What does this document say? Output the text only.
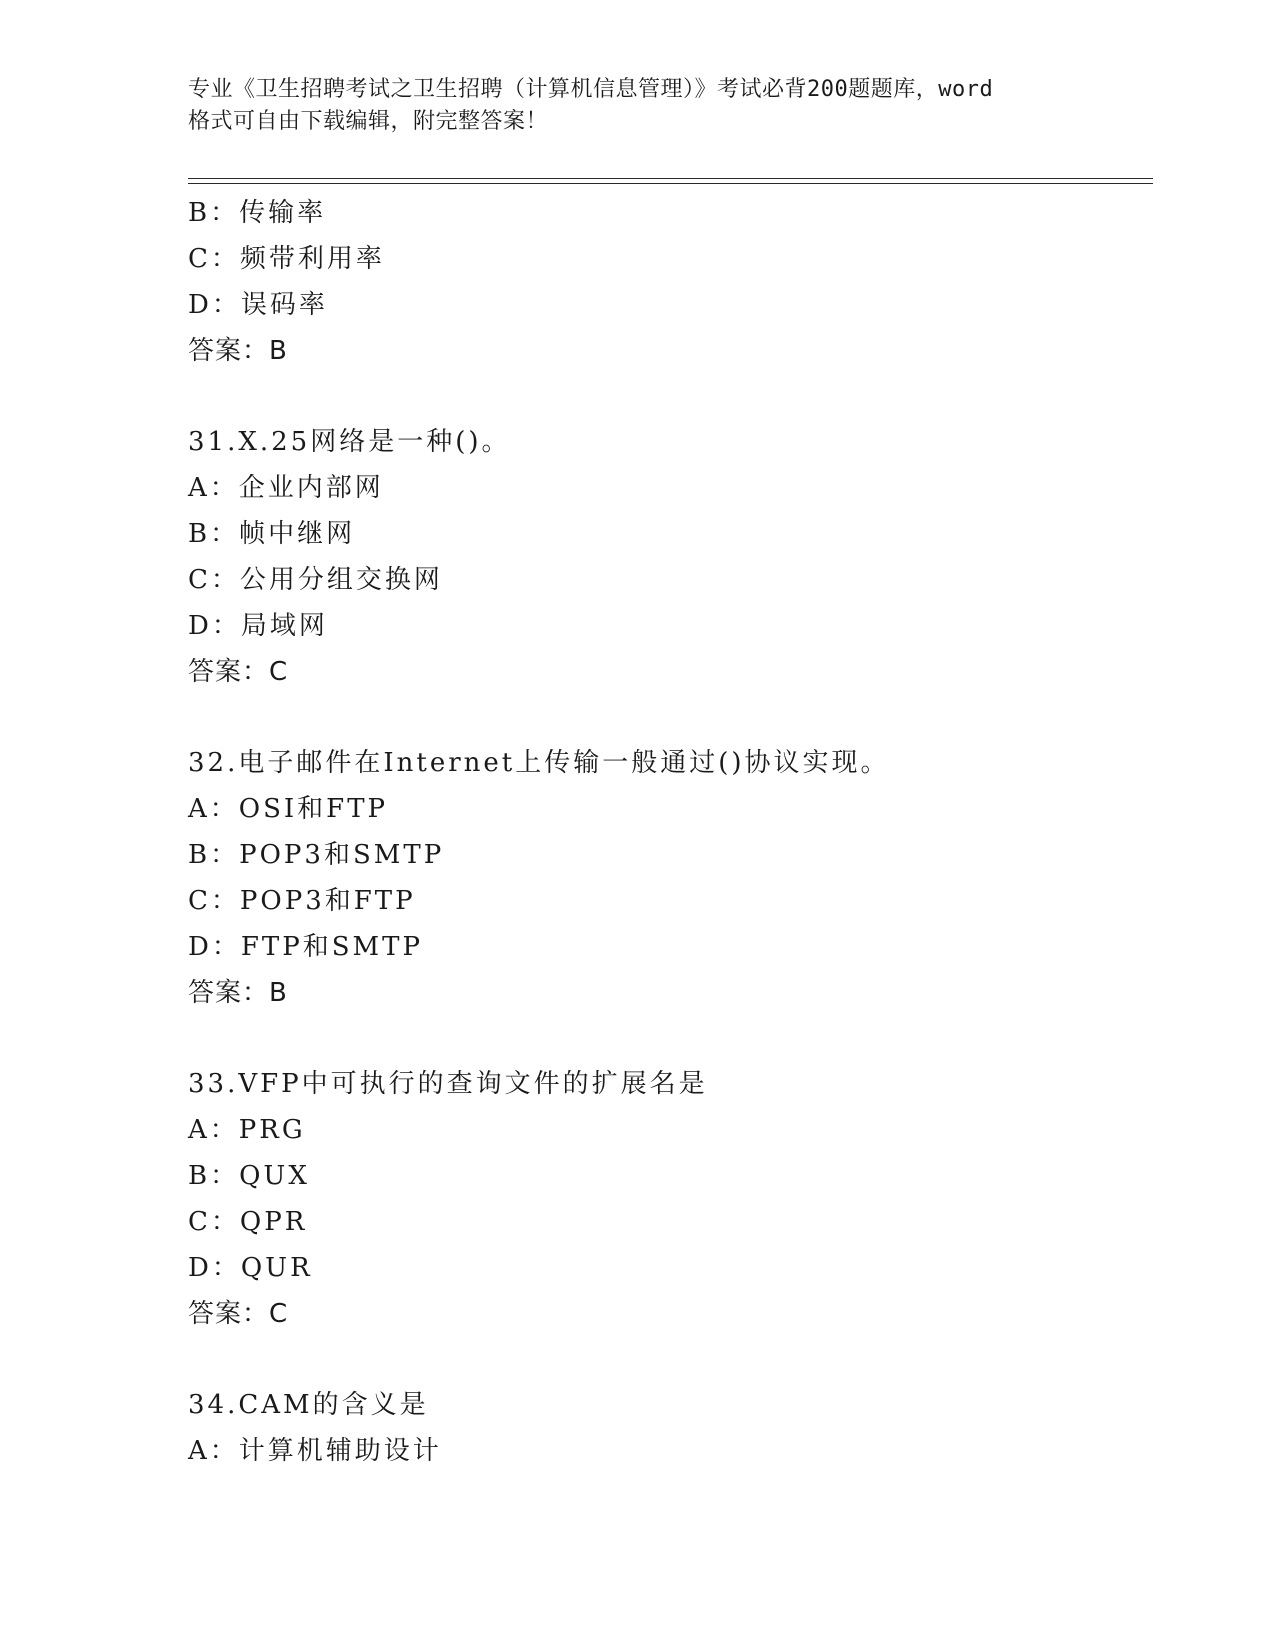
专业《卫生招聘考试之卫生招聘（计算机信息管理）》考试必背200题题库，word
格式可自由下载编辑，附完整答案！
B：传输率
C：频带利用率
D：误码率
答案：B
31.X.25网络是一种()。
A：企业内部网
B：帧中继网
C：公用分组交换网
D：局域网
答案：C
32.电子邮件在Internet上传输一般通过()协议实现。
A：OSI和FTP
B：POP3和SMTP
C：POP3和FTP
D：FTP和SMTP
答案：B
33.VFP中可执行的查询文件的扩展名是
A：PRG
B：QUX
C：QPR
D：QUR
答案：C
34.CAM的含义是
A：计算机辅助设计
